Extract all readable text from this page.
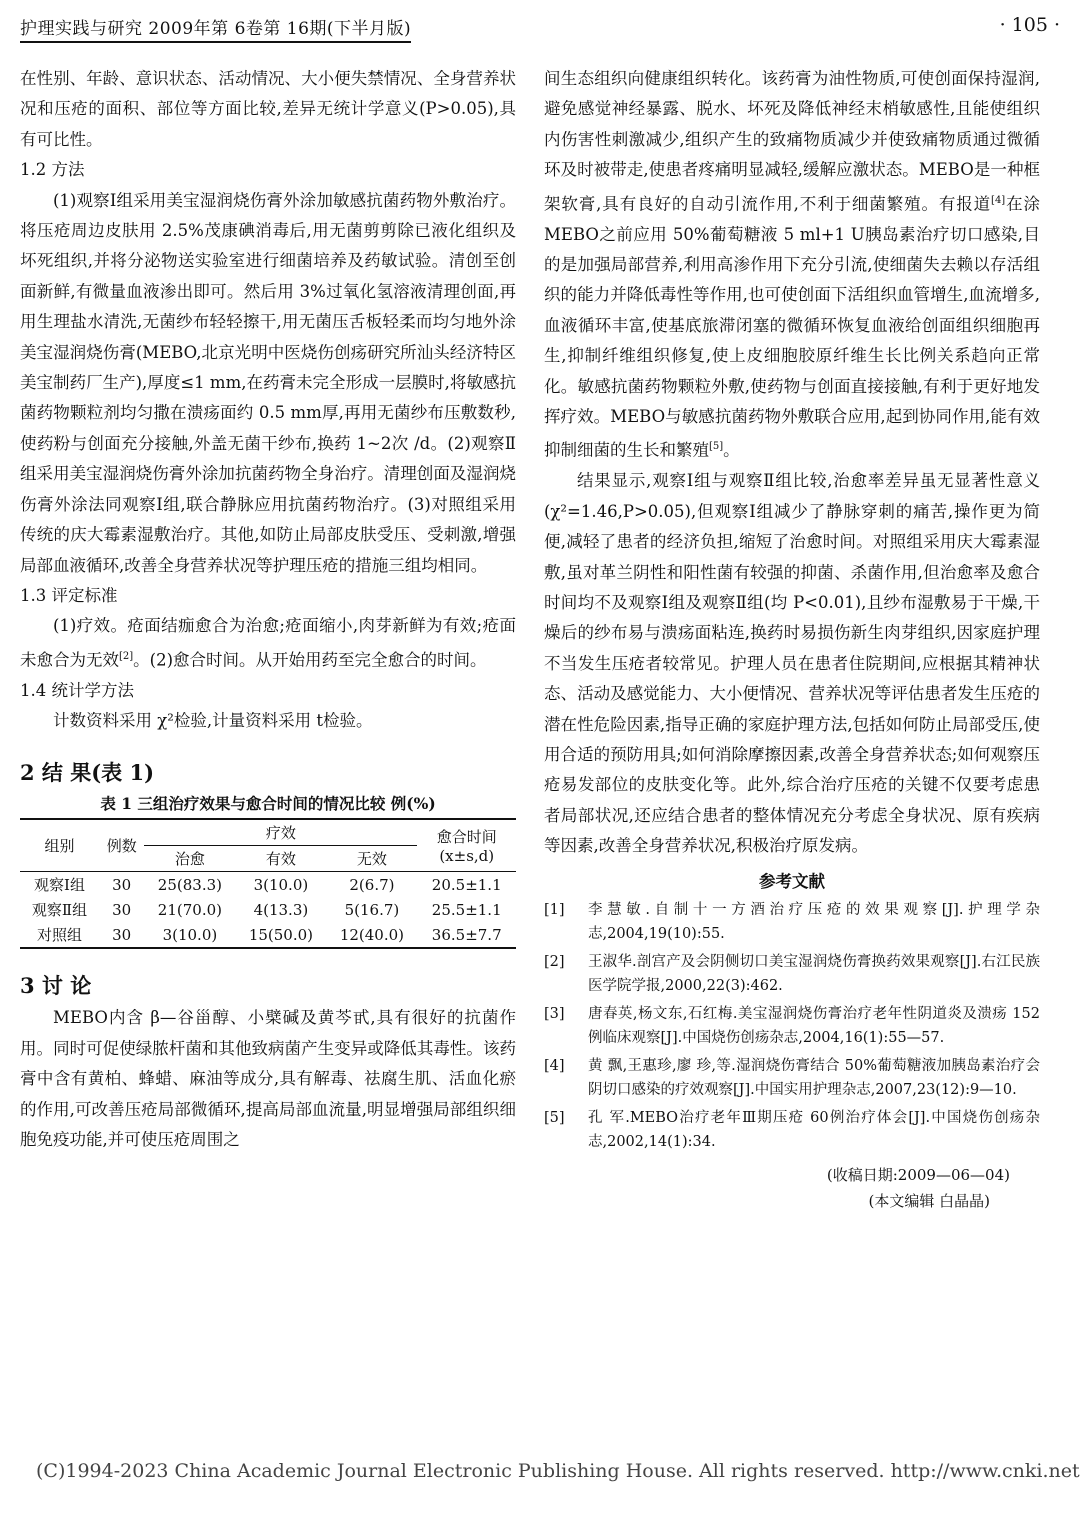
护理实践与研究 2009年第 6卷第 16期(下半月版)	· 105 ·

在性别、年龄、意识状态、活动情况、大小便失禁情况、全身营养状况和压疮的面积、部位等方面比较,差异无统计学意义(P>0.05),具有可比性。

1.2 方法

(1)观察Ⅰ组采用美宝湿润烧伤膏外涂加敏感抗菌药物外敷治疗。将压疮周边皮肤用 2.5%茂康碘消毒后,用无菌剪剪除已液化组织及坏死组织,并将分泌物送实验室进行细菌培养及药敏试验。清创至创面新鲜,有微量血液渗出即可。然后用 3%过氧化氢溶液清理创面,再用生理盐水清洗,无菌纱布轻轻擦干,用无菌压舌板轻柔而均匀地外涂美宝湿润烧伤膏(MEBO,北京光明中医烧伤创疡研究所汕头经济特区美宝制药厂生产),厚度≤1 mm,在药膏未完全形成一层膜时,将敏感抗菌药物颗粒剂均匀撒在溃疡面约 0.5 mm厚,再用无菌纱布压敷数秒,使药粉与创面充分接触,外盖无菌干纱布,换药 1~2次 /d。(2)观察Ⅱ组采用美宝湿润烧伤膏外涂加抗菌药物全身治疗。清理创面及湿润烧伤膏外涂法同观察Ⅰ组,联合静脉应用抗菌药物治疗。(3)对照组采用传统的庆大霉素湿敷治疗。其他,如防止局部皮肤受压、受刺激,增强局部血液循环,改善全身营养状况等护理压疮的措施三组均相同。

1.3 评定标准

(1)疗效。疮面结痂愈合为治愈;疮面缩小,肉芽新鲜为有效;疮面未愈合为无效[2]。(2)愈合时间。从开始用药至完全愈合的时间。

1.4 统计学方法

计数资料采用 χ²检验,计量资料采用 t检验。

2 结 果(表 1)

表 1 三组治疗效果与愈合时间的情况比较 例(%)
组别	例数	疗效			愈合时间
(x±s,d)
		治愈	有效	无效	
观察Ⅰ组	30	25(83.3)	3(10.0)	2(6.7)	20.5±1.1
观察Ⅱ组	30	21(70.0)	4(13.3)	5(16.7)	25.5±1.1
对照组	30	3(10.0)	15(50.0)	12(40.0)	36.5±7.7

3 讨 论

MEBO内含 β—谷甾醇、小檗碱及黄芩甙,具有很好的抗菌作用。同时可促使绿脓杆菌和其他致病菌产生变异或降低其毒性。该药膏中含有黄柏、蜂蜡、麻油等成分,具有解毒、祛腐生肌、活血化瘀的作用,可改善压疮局部微循环,提高局部血流量,明显增强局部组织细胞免疫功能,并可使压疮周围之

间生态组织向健康组织转化。该药膏为油性物质,可使创面保持湿润,避免感觉神经暴露、脱水、坏死及降低神经末梢敏感性,且能使组织内伤害性刺激减少,组织产生的致痛物质减少并使致痛物质通过微循环及时被带走,使患者疼痛明显减轻,缓解应激状态。MEBO是一种框架软膏,具有良好的自动引流作用,不利于细菌繁殖。有报道[4]在涂 MEBO之前应用 50%葡萄糖液 5 ml+1 U胰岛素治疗切口感染,目的是加强局部营养,利用高渗作用下充分引流,使细菌失去赖以存活组织的能力并降低毒性等作用,也可使创面下活组织血管增生,血流增多,血液循环丰富,使基底旅滞闭塞的微循环恢复血液给创面组织细胞再生,抑制纤维组织修复,使上皮细胞胶原纤维生长比例关系趋向正常化。敏感抗菌药物颗粒外敷,使药物与创面直接接触,有利于更好地发挥疗效。MEBO与敏感抗菌药物外敷联合应用,起到协同作用,能有效抑制细菌的生长和繁殖[5]。

结果显示,观察Ⅰ组与观察Ⅱ组比较,治愈率差异虽无显著性意义(χ²=1.46,P>0.05),但观察Ⅰ组减少了静脉穿刺的痛苦,操作更为简便,减轻了患者的经济负担,缩短了治愈时间。对照组采用庆大霉素湿敷,虽对革兰阴性和阳性菌有较强的抑菌、杀菌作用,但治愈率及愈合时间均不及观察Ⅰ组及观察Ⅱ组(均 P<0.01),且纱布湿敷易于干燥,干燥后的纱布易与溃疡面粘连,换药时易损伤新生肉芽组织,因家庭护理不当发生压疮者较常见。护理人员在患者住院期间,应根据其精神状态、活动及感觉能力、大小便情况、营养状况等评估患者发生压疮的潜在性危险因素,指导正确的家庭护理方法,包括如何防止局部受压,使用合适的预防用具;如何消除摩擦因素,改善全身营养状态;如何观察压疮易发部位的皮肤变化等。此外,综合治疗压疮的关键不仅要考虑患者局部状况,还应结合患者的整体情况充分考虑全身状况、原有疾病等因素,改善全身营养状况,积极治疗原发病。

参考文献
[1]	李慧敏.自制十一方酒治疗压疮的效果观察[J].护理学杂志,2004,19(10):55.
[2]	王淑华.剖宫产及会阴侧切口美宝湿润烧伤膏换药效果观察[J].右江民族医学院学报,2000,22(3):462.
[3]	唐春英,杨文东,石红梅.美宝湿润烧伤膏治疗老年性阴道炎及溃疡 152例临床观察[J].中国烧伤创疡杂志,2004,16(1):55—57.
[4]	黄 飘,王惠珍,廖 珍,等.湿润烧伤膏结合 50%葡萄糖液加胰岛素治疗会阴切口感染的疗效观察[J].中国实用护理杂志,2007,23(12):9—10.
[5]	孔 军.MEBO治疗老年Ⅲ期压疮 60例治疗体会[J].中国烧伤创疡杂志,2002,14(1):34.
(收稿日期:2009—06—04)
(本文编辑 白晶晶)
(C)1994-2023 China Academic Journal Electronic Publishing House. All rights reserved. http://www.cnki.net
